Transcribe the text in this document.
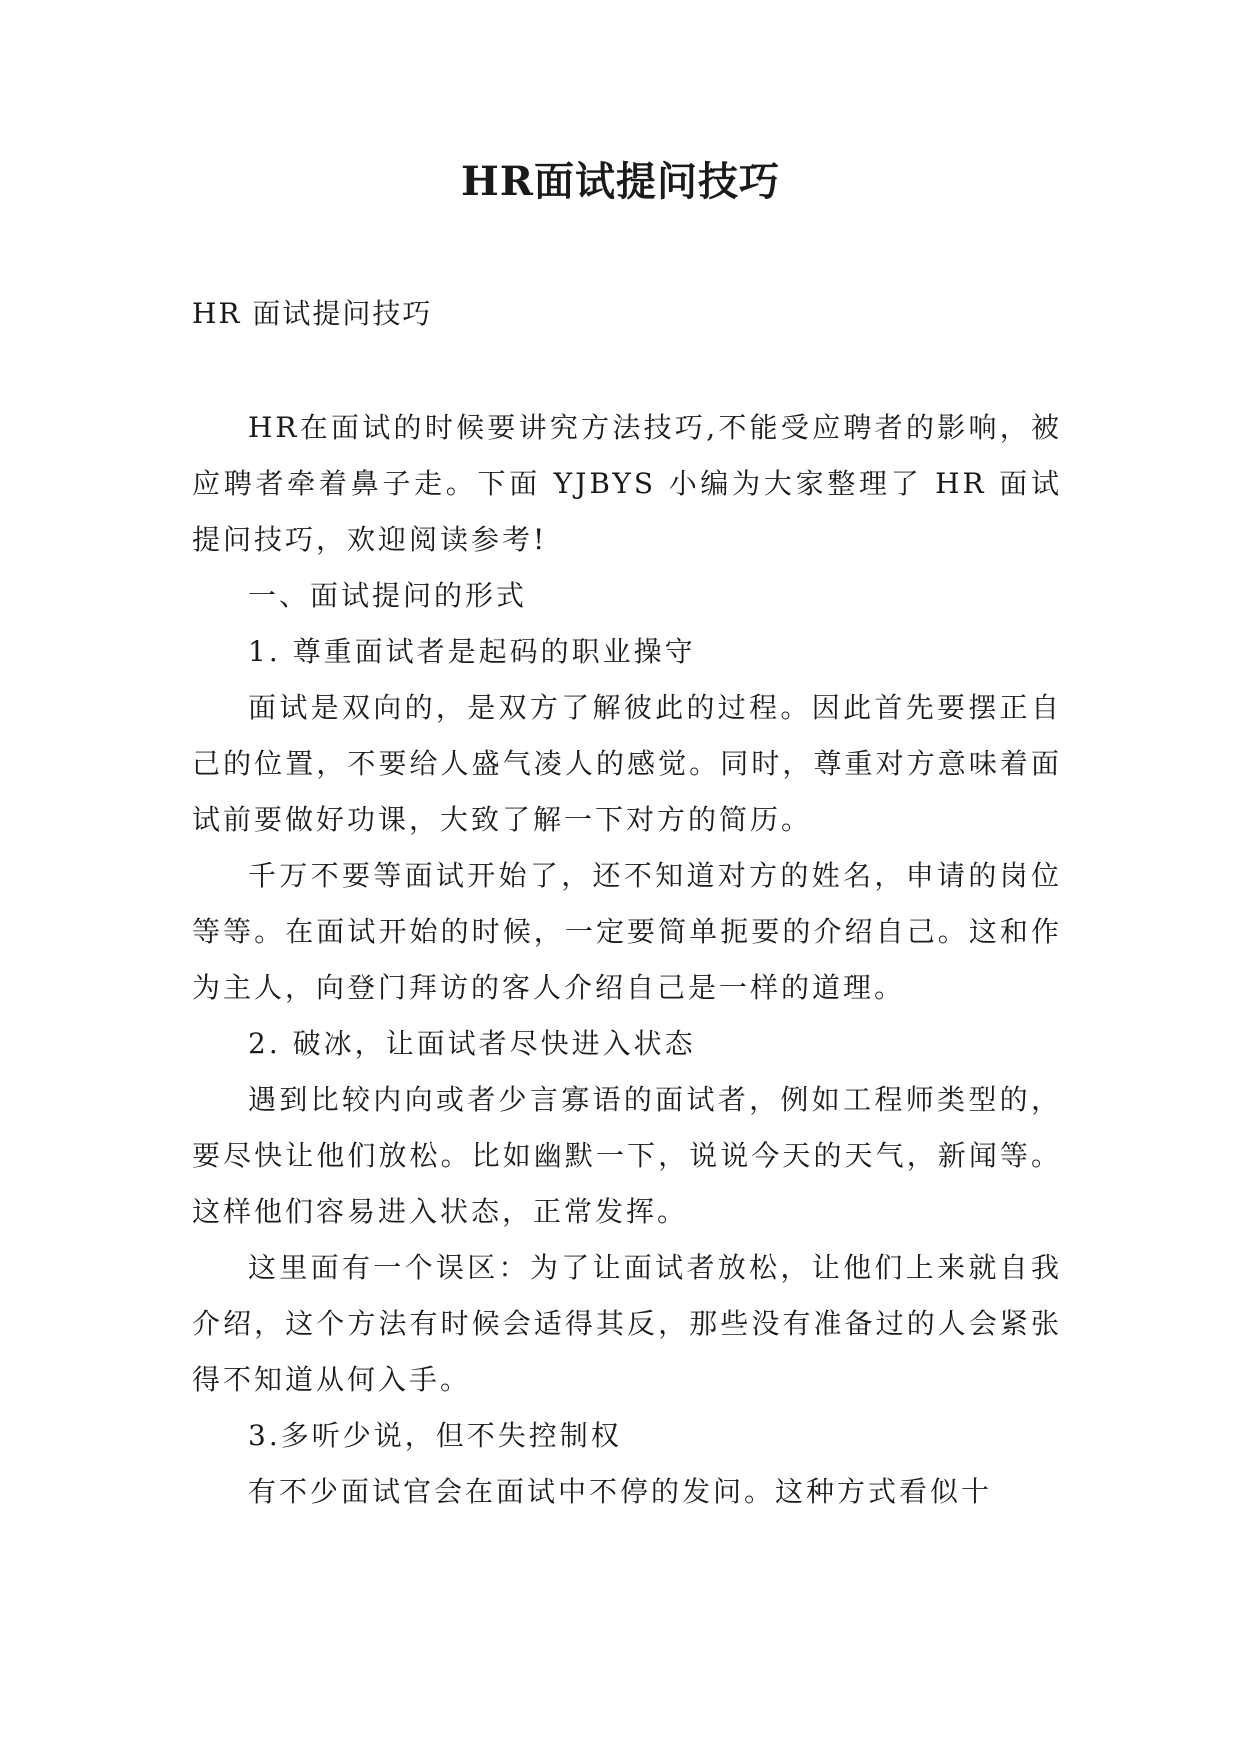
HR面试提问技巧
HR 面试提问技巧

HR在面试的时候要讲究方法技巧,不能受应聘者的影响，被应聘者牵着鼻子走。下面 YJBYS 小编为大家整理了 HR 面试提问技巧，欢迎阅读参考!

一、面试提问的形式

1. 尊重面试者是起码的职业操守

面试是双向的，是双方了解彼此的过程。因此首先要摆正自己的位置，不要给人盛气凌人的感觉。同时，尊重对方意味着面试前要做好功课，大致了解一下对方的简历。

千万不要等面试开始了，还不知道对方的姓名，申请的岗位等等。在面试开始的时候，一定要简单扼要的介绍自己。这和作为主人，向登门拜访的客人介绍自己是一样的道理。

2. 破冰，让面试者尽快进入状态

遇到比较内向或者少言寡语的面试者，例如工程师类型的，要尽快让他们放松。比如幽默一下，说说今天的天气，新闻等。这样他们容易进入状态，正常发挥。

这里面有一个误区：为了让面试者放松，让他们上来就自我介绍，这个方法有时候会适得其反，那些没有准备过的人会紧张得不知道从何入手。

3.多听少说，但不失控制权

有不少面试官会在面试中不停的发问。这种方式看似十
